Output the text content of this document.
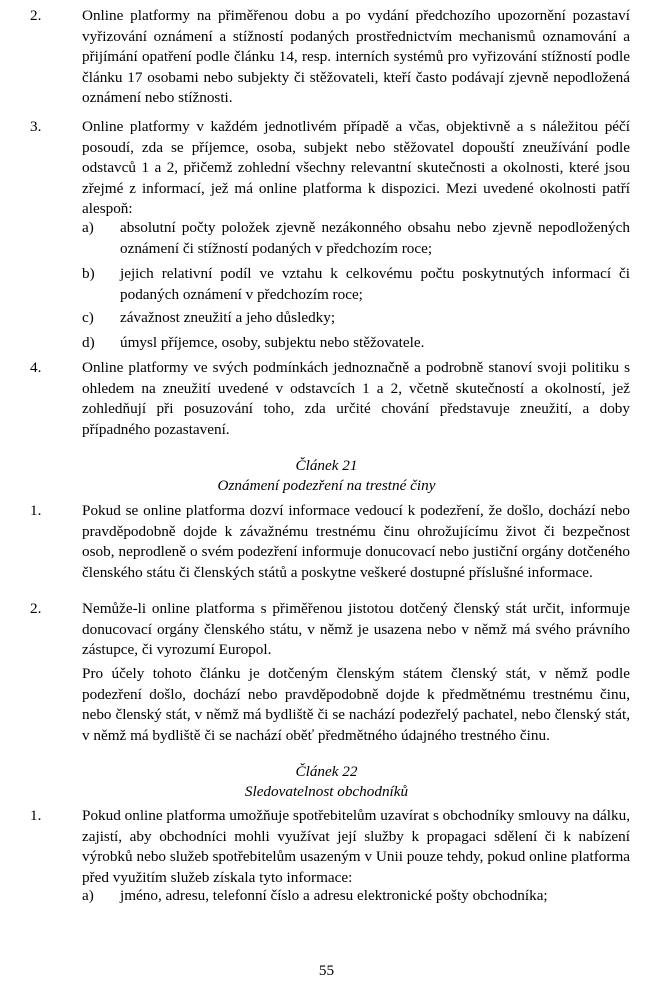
2.	Online platformy na přiměřenou dobu a po vydání předchozího upozornění pozastaví vyřizování oznámení a stížností podaných prostřednictvím mechanismů oznamování a přijímání opatření podle článku 14, resp. interních systémů pro vyřizování stížností podle článku 17 osobami nebo subjekty či stěžovateli, kteří často podávají zjevně nepodložená oznámení nebo stížnosti.
3.	Online platformy v každém jednotlivém případě a včas, objektivně a s náležitou péčí posoudí, zda se příjemce, osoba, subjekt nebo stěžovatel dopouští zneužívání podle odstavců 1 a 2, přičemž zohlední všechny relevantní skutečnosti a okolnosti, které jsou zřejmé z informací, jež má online platforma k dispozici. Mezi uvedené okolnosti patří alespoň:
a)	absolutní počty položek zjevně nezákonného obsahu nebo zjevně nepodložených oznámení či stížností podaných v předchozím roce;
b)	jejich relativní podíl ve vztahu k celkovému počtu poskytnutých informací či podaných oznámení v předchozím roce;
c)	závažnost zneužití a jeho důsledky;
d)	úmysl příjemce, osoby, subjektu nebo stěžovatele.
4.	Online platformy ve svých podmínkách jednoznačně a podrobně stanoví svoji politiku s ohledem na zneužití uvedené v odstavcích 1 a 2, včetně skutečností a okolností, jež zohledňují při posuzování toho, zda určité chování představuje zneužití, a doby případného pozastavení.
Článek 21
Oznámení podezření na trestné činy
1.	Pokud se online platforma dozví informace vedoucí k podezření, že došlo, dochází nebo pravděpodobně dojde k závažnému trestnému činu ohrožujícímu život či bezpečnost osob, neprodleně o svém podezření informuje donucovací nebo justiční orgány dotčeného členského státu či členských států a poskytne veškeré dostupné příslušné informace.
2.	Nemůže-li online platforma s přiměřenou jistotou dotčený členský stát určit, informuje donucovací orgány členského státu, v němž je usazena nebo v němž má svého právního zástupce, či vyrozumí Europol.
Pro účely tohoto článku je dotčeným členským státem členský stát, v němž podle podezření došlo, dochází nebo pravděpodobně dojde k předmětnému trestnému činu, nebo členský stát, v němž má bydliště či se nachází podezřelý pachatel, nebo členský stát, v němž má bydliště či se nachází oběť předmětného údajného trestného činu.
Článek 22
Sledovatelnost obchodníků
1.	Pokud online platforma umožňuje spotřebitelům uzavírat s obchodníky smlouvy na dálku, zajistí, aby obchodníci mohli využívat její služby k propagaci sdělení či k nabízení výrobků nebo služeb spotřebitelům usazeným v Unii pouze tehdy, pokud online platforma před využitím služeb získala tyto informace:
a)	jméno, adresu, telefonní číslo a adresu elektronické pošty obchodníka;
55
